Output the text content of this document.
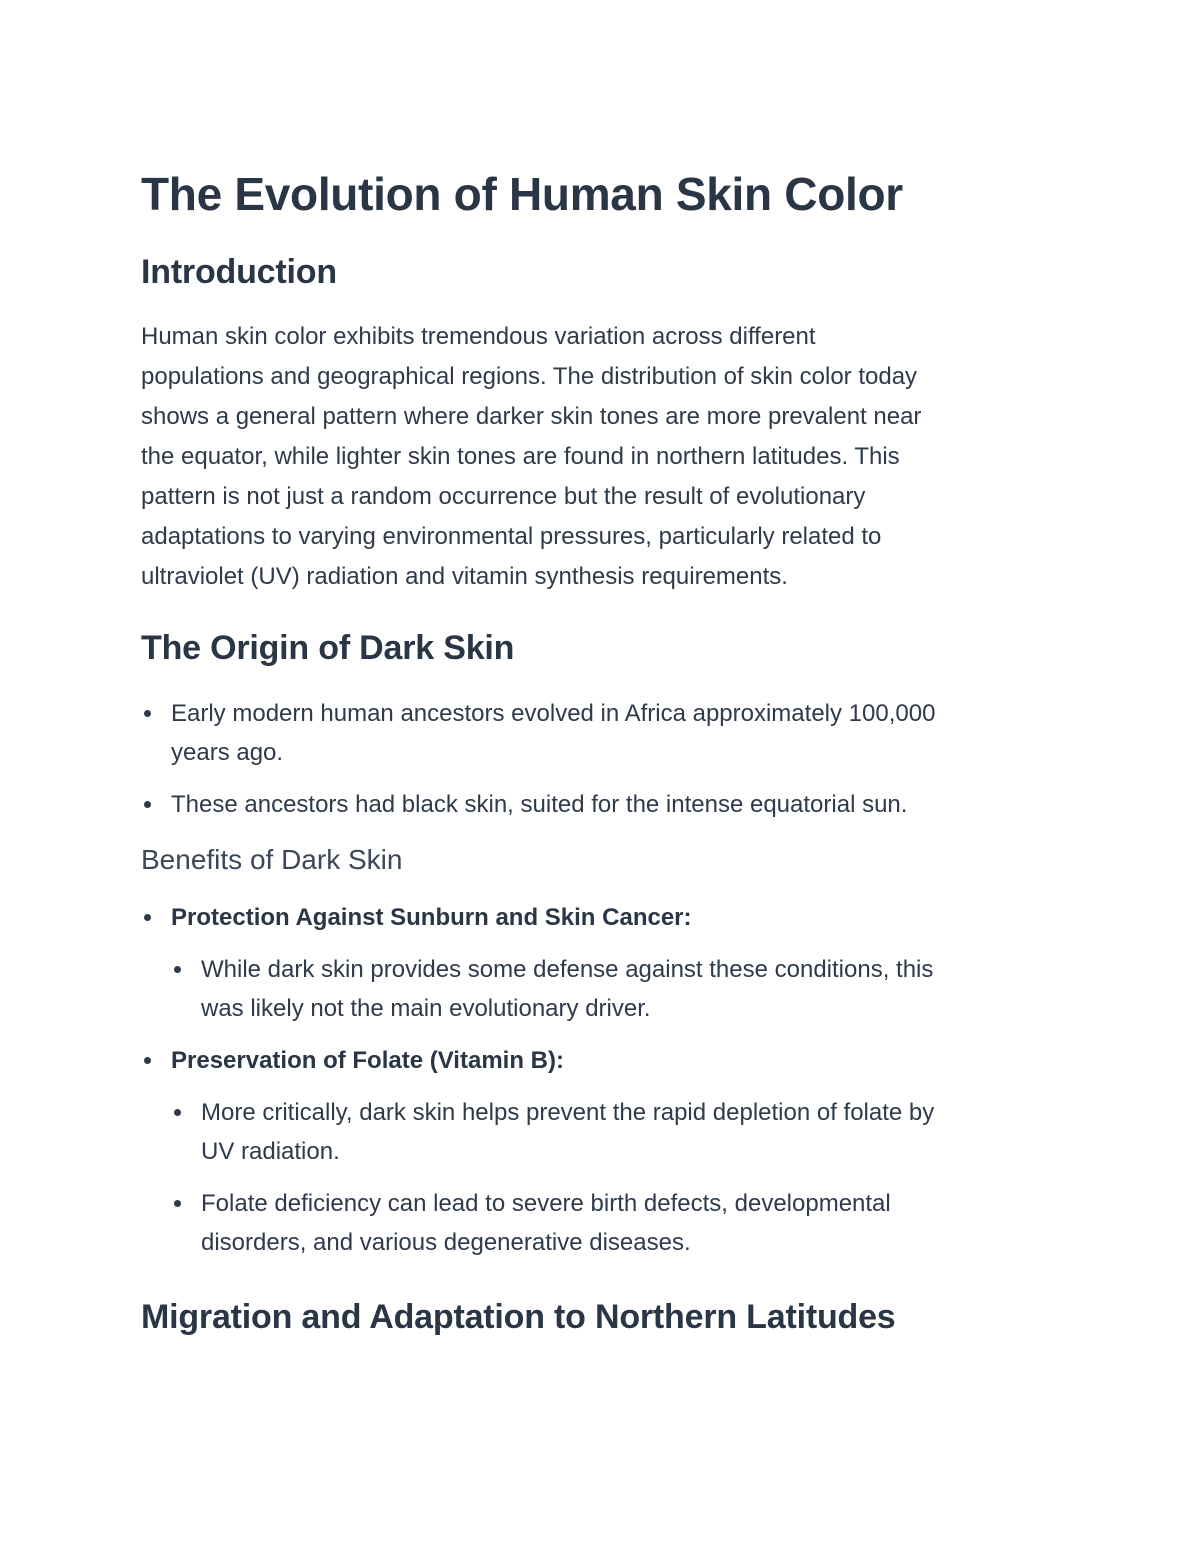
The Evolution of Human Skin Color
Introduction

Human skin color exhibits tremendous variation across different
populations and geographical regions. The distribution of skin color today
shows a general pattern where darker skin tones are more prevalent near
the equator, while lighter skin tones are found in northern latitudes. This
pattern is not just a random occurrence but the result of evolutionary
adaptations to varying environmental pressures, particularly related to
ultraviolet (UV) radiation and vitamin synthesis requirements.

The Origin of Dark Skin
Early modern human ancestors evolved in Africa approximately 100,000
years ago.
These ancestors had black skin, suited for the intense equatorial sun.
Benefits of Dark Skin
Protection Against Sunburn and Skin Cancer:
While dark skin provides some defense against these conditions, this
was likely not the main evolutionary driver.
Preservation of Folate (Vitamin B):
More critically, dark skin helps prevent the rapid depletion of folate by
UV radiation.
Folate deficiency can lead to severe birth defects, developmental
disorders, and various degenerative diseases.
Migration and Adaptation to Northern Latitudes
